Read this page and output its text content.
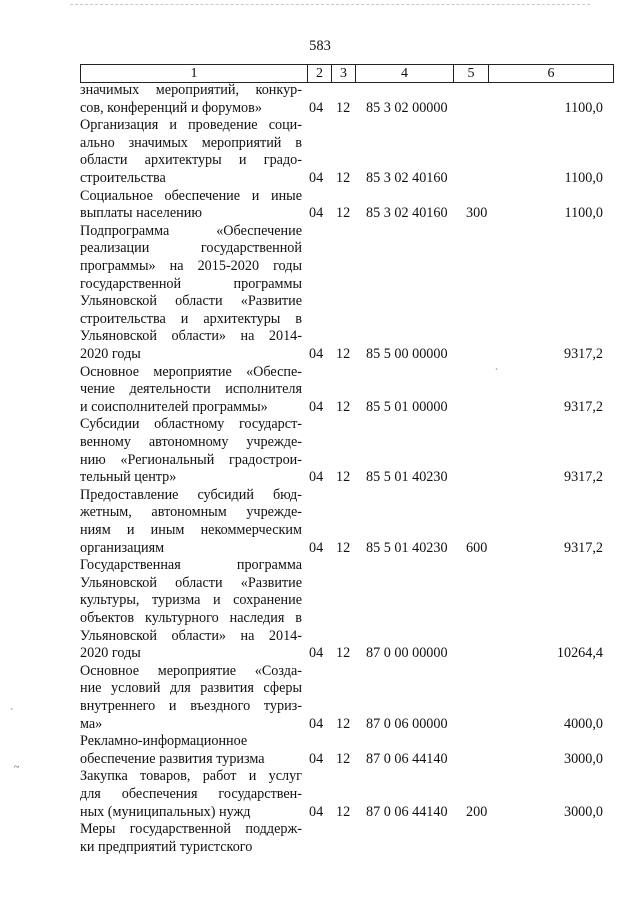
583
1	2	3	4	5	6
значимых мероприятий, конкур-
сов, конференций и форумов»	04 12 85 3 02 00000	1100,0
Организация и проведение соци-
ально значимых мероприятий в
области архитектуры и градо-
строительства	04 12 85 3 02 40160	1100,0
Социальное обеспечение и иные
выплаты населению	04 12 85 3 02 40160 300	1100,0
Подпрограмма «Обеспечение
реализации государственной
программы» на 2015-2020 годы
государственной программы
Ульяновской области «Развитие
строительства и архитектуры в
Ульяновской области» на 2014-
2020 годы	04 12 85 5 00 00000	9317,2
Основное мероприятие «Обеспе-
чение деятельности исполнителя
и соисполнителей программы»	04 12 85 5 01 00000	9317,2
Субсидии областному государст-
венному автономному учрежде-
нию «Региональный градострои-
тельный центр»	04 12 85 5 01 40230	9317,2
Предоставление субсидий бюд-
жетным, автономным учрежде-
ниям и иным некоммерческим
организациям	04 12 85 5 01 40230 600	9317,2
Государственная программа
Ульяновской области «Развитие
культуры, туризма и сохранение
объектов культурного наследия в
Ульяновской области» на 2014-
2020 годы	04 12 87 0 00 00000	10264,4
Основное мероприятие «Созда-
ние условий для развития сферы
внутреннего и въездного туриз-
ма»	04 12 87 0 06 00000	4000,0
Рекламно-информационное
обеспечение развития туризма	04 12 87 0 06 44140	3000,0
Закупка товаров, работ и услуг
для обеспечения государствен-
ных (муниципальных) нужд	04 12 87 0 06 44140 200	3000,0
Меры государственной поддерж-
ки предприятий туристского
`
`
~
